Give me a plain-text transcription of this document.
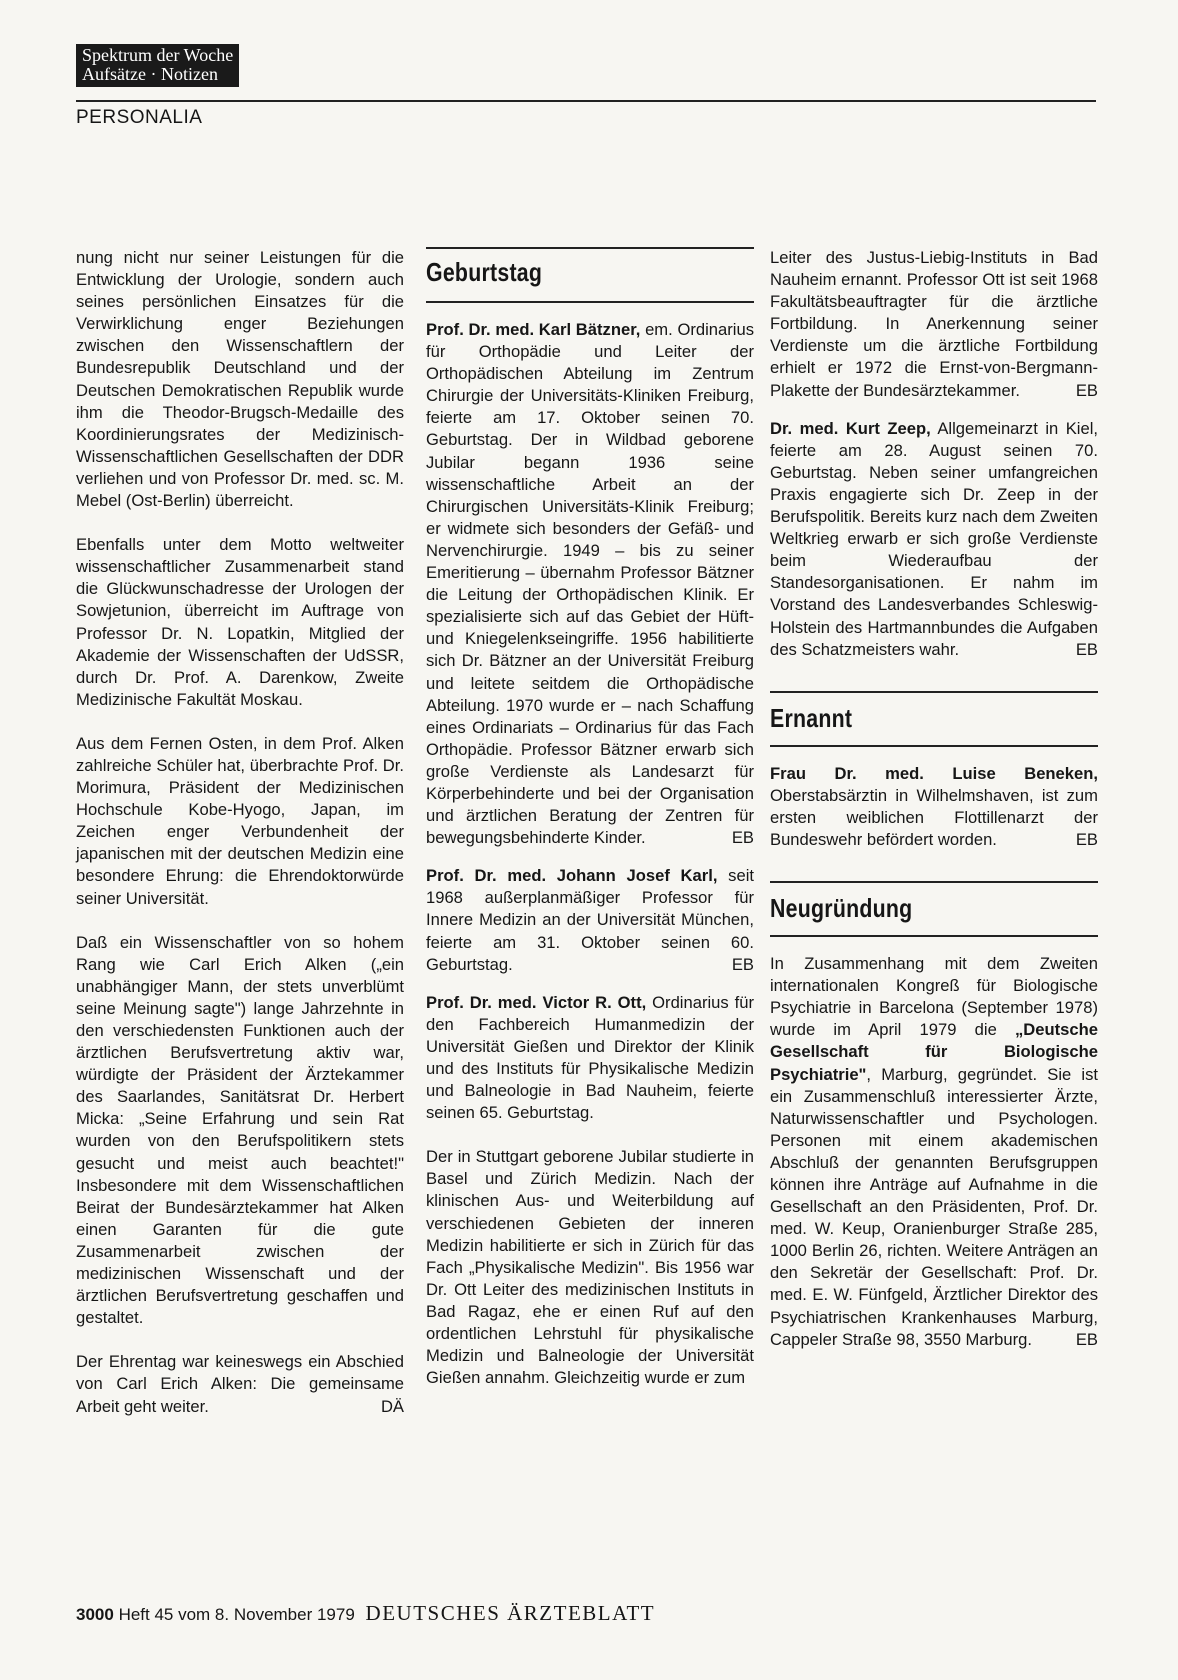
Spektrum der Woche
Aufsätze · Notizen
PERSONALIA

nung nicht nur seiner Leistungen für die Entwicklung der Urologie, sondern auch seines persönlichen Einsatzes für die Verwirklichung enger Beziehungen zwischen den Wissenschaftlern der Bundesrepublik Deutschland und der Deutschen Demokratischen Republik wurde ihm die Theodor-Brugsch-Medaille des Koordinierungsrates der Medizinisch-Wissenschaftlichen Gesellschaften der DDR verliehen und von Professor Dr. med. sc. M. Mebel (Ost-Berlin) überreicht.

Ebenfalls unter dem Motto weltweiter wissenschaftlicher Zusammenarbeit stand die Glückwunschadresse der Urologen der Sowjetunion, überreicht im Auftrage von Professor Dr. N. Lopatkin, Mitglied der Akademie der Wissenschaften der UdSSR, durch Dr. Prof. A. Darenkow, Zweite Medizinische Fakultät Moskau.

Aus dem Fernen Osten, in dem Prof. Alken zahlreiche Schüler hat, überbrachte Prof. Dr. Morimura, Präsident der Medizinischen Hochschule Kobe-Hyogo, Japan, im Zeichen enger Verbundenheit der japanischen mit der deutschen Medizin eine besondere Ehrung: die Ehrendoktorwürde seiner Universität.

Daß ein Wissenschaftler von so hohem Rang wie Carl Erich Alken („ein unabhängiger Mann, der stets unverblümt seine Meinung sagte") lange Jahrzehnte in den verschiedensten Funktionen auch der ärztlichen Berufsvertretung aktiv war, würdigte der Präsident der Ärztekammer des Saarlandes, Sanitätsrat Dr. Herbert Micka: „Seine Erfahrung und sein Rat wurden von den Berufspolitikern stets gesucht und meist auch beachtet!" Insbesondere mit dem Wissenschaftlichen Beirat der Bundesärztekammer hat Alken einen Garanten für die gute Zusammenarbeit zwischen der medizinischen Wissenschaft und der ärztlichen Berufsvertretung geschaffen und gestaltet.

Der Ehrentag war keineswegs ein Abschied von Carl Erich Alken: Die gemeinsame Arbeit geht weiter.	DÄ

Geburtstag

Prof. Dr. med. Karl Bätzner, em. Ordinarius für Orthopädie und Leiter der Orthopädischen Abteilung im Zentrum Chirurgie der Universitäts-Kliniken Freiburg, feierte am 17. Oktober seinen 70. Geburtstag. Der in Wildbad geborene Jubilar begann 1936 seine wissenschaftliche Arbeit an der Chirurgischen Universitäts-Klinik Freiburg; er widmete sich besonders der Gefäß- und Nervenchirurgie. 1949 – bis zu seiner Emeritierung – übernahm Professor Bätzner die Leitung der Orthopädischen Klinik. Er spezialisierte sich auf das Gebiet der Hüft- und Kniegelenkseingriffe. 1956 habilitierte sich Dr. Bätzner an der Universität Freiburg und leitete seitdem die Orthopädische Abteilung. 1970 wurde er – nach Schaffung eines Ordinariats – Ordinarius für das Fach Orthopädie. Professor Bätzner erwarb sich große Verdienste als Landesarzt für Körperbehinderte und bei der Organisation und ärztlichen Beratung der Zentren für bewegungsbehinderte Kinder.	EB

Prof. Dr. med. Johann Josef Karl, seit 1968 außerplanmäßiger Professor für Innere Medizin an der Universität München, feierte am 31. Oktober seinen 60. Geburtstag.	EB

Prof. Dr. med. Victor R. Ott, Ordinarius für den Fachbereich Humanmedizin der Universität Gießen und Direktor der Klinik und des Instituts für Physikalische Medizin und Balneologie in Bad Nauheim, feierte seinen 65. Geburtstag.

Der in Stuttgart geborene Jubilar studierte in Basel und Zürich Medizin. Nach der klinischen Aus- und Weiterbildung auf verschiedenen Gebieten der inneren Medizin habilitierte er sich in Zürich für das Fach „Physikalische Medizin". Bis 1956 war Dr. Ott Leiter des medizinischen Instituts in Bad Ragaz, ehe er einen Ruf auf den ordentlichen Lehrstuhl für physikalische Medizin und Balneologie der Universität Gießen annahm. Gleichzeitig wurde er zum

Leiter des Justus-Liebig-Instituts in Bad Nauheim ernannt. Professor Ott ist seit 1968 Fakultätsbeauftragter für die ärztliche Fortbildung. In Anerkennung seiner Verdienste um die ärztliche Fortbildung erhielt er 1972 die Ernst-von-Bergmann-Plakette der Bundesärztekammer.	EB

Dr. med. Kurt Zeep, Allgemeinarzt in Kiel, feierte am 28. August seinen 70. Geburtstag. Neben seiner umfangreichen Praxis engagierte sich Dr. Zeep in der Berufspolitik. Bereits kurz nach dem Zweiten Weltkrieg erwarb er sich große Verdienste beim Wiederaufbau der Standesorganisationen. Er nahm im Vorstand des Landesverbandes Schleswig-Holstein des Hartmannbundes die Aufgaben des Schatzmeisters wahr.	EB

Ernannt

Frau Dr. med. Luise Beneken, Oberstabsärztin in Wilhelmshaven, ist zum ersten weiblichen Flottillenarzt der Bundeswehr befördert worden.	EB

Neugründung

In Zusammenhang mit dem Zweiten internationalen Kongreß für Biologische Psychiatrie in Barcelona (September 1978) wurde im April 1979 die „Deutsche Gesellschaft für Biologische Psychiatrie", Marburg, gegründet. Sie ist ein Zusammenschluß interessierter Ärzte, Naturwissenschaftler und Psychologen. Personen mit einem akademischen Abschluß der genannten Berufsgruppen können ihre Anträge auf Aufnahme in die Gesellschaft an den Präsidenten, Prof. Dr. med. W. Keup, Oranienburger Straße 285, 1000 Berlin 26, richten. Weitere Anträgen an den Sekretär der Gesellschaft: Prof. Dr. med. E. W. Fünfgeld, Ärztlicher Direktor des Psychiatrischen Krankenhauses Marburg, Cappeler Straße 98, 3550 Marburg.	EB

3000 Heft 45 vom 8. November 1979 DEUTSCHES ÄRZTEBLATT
